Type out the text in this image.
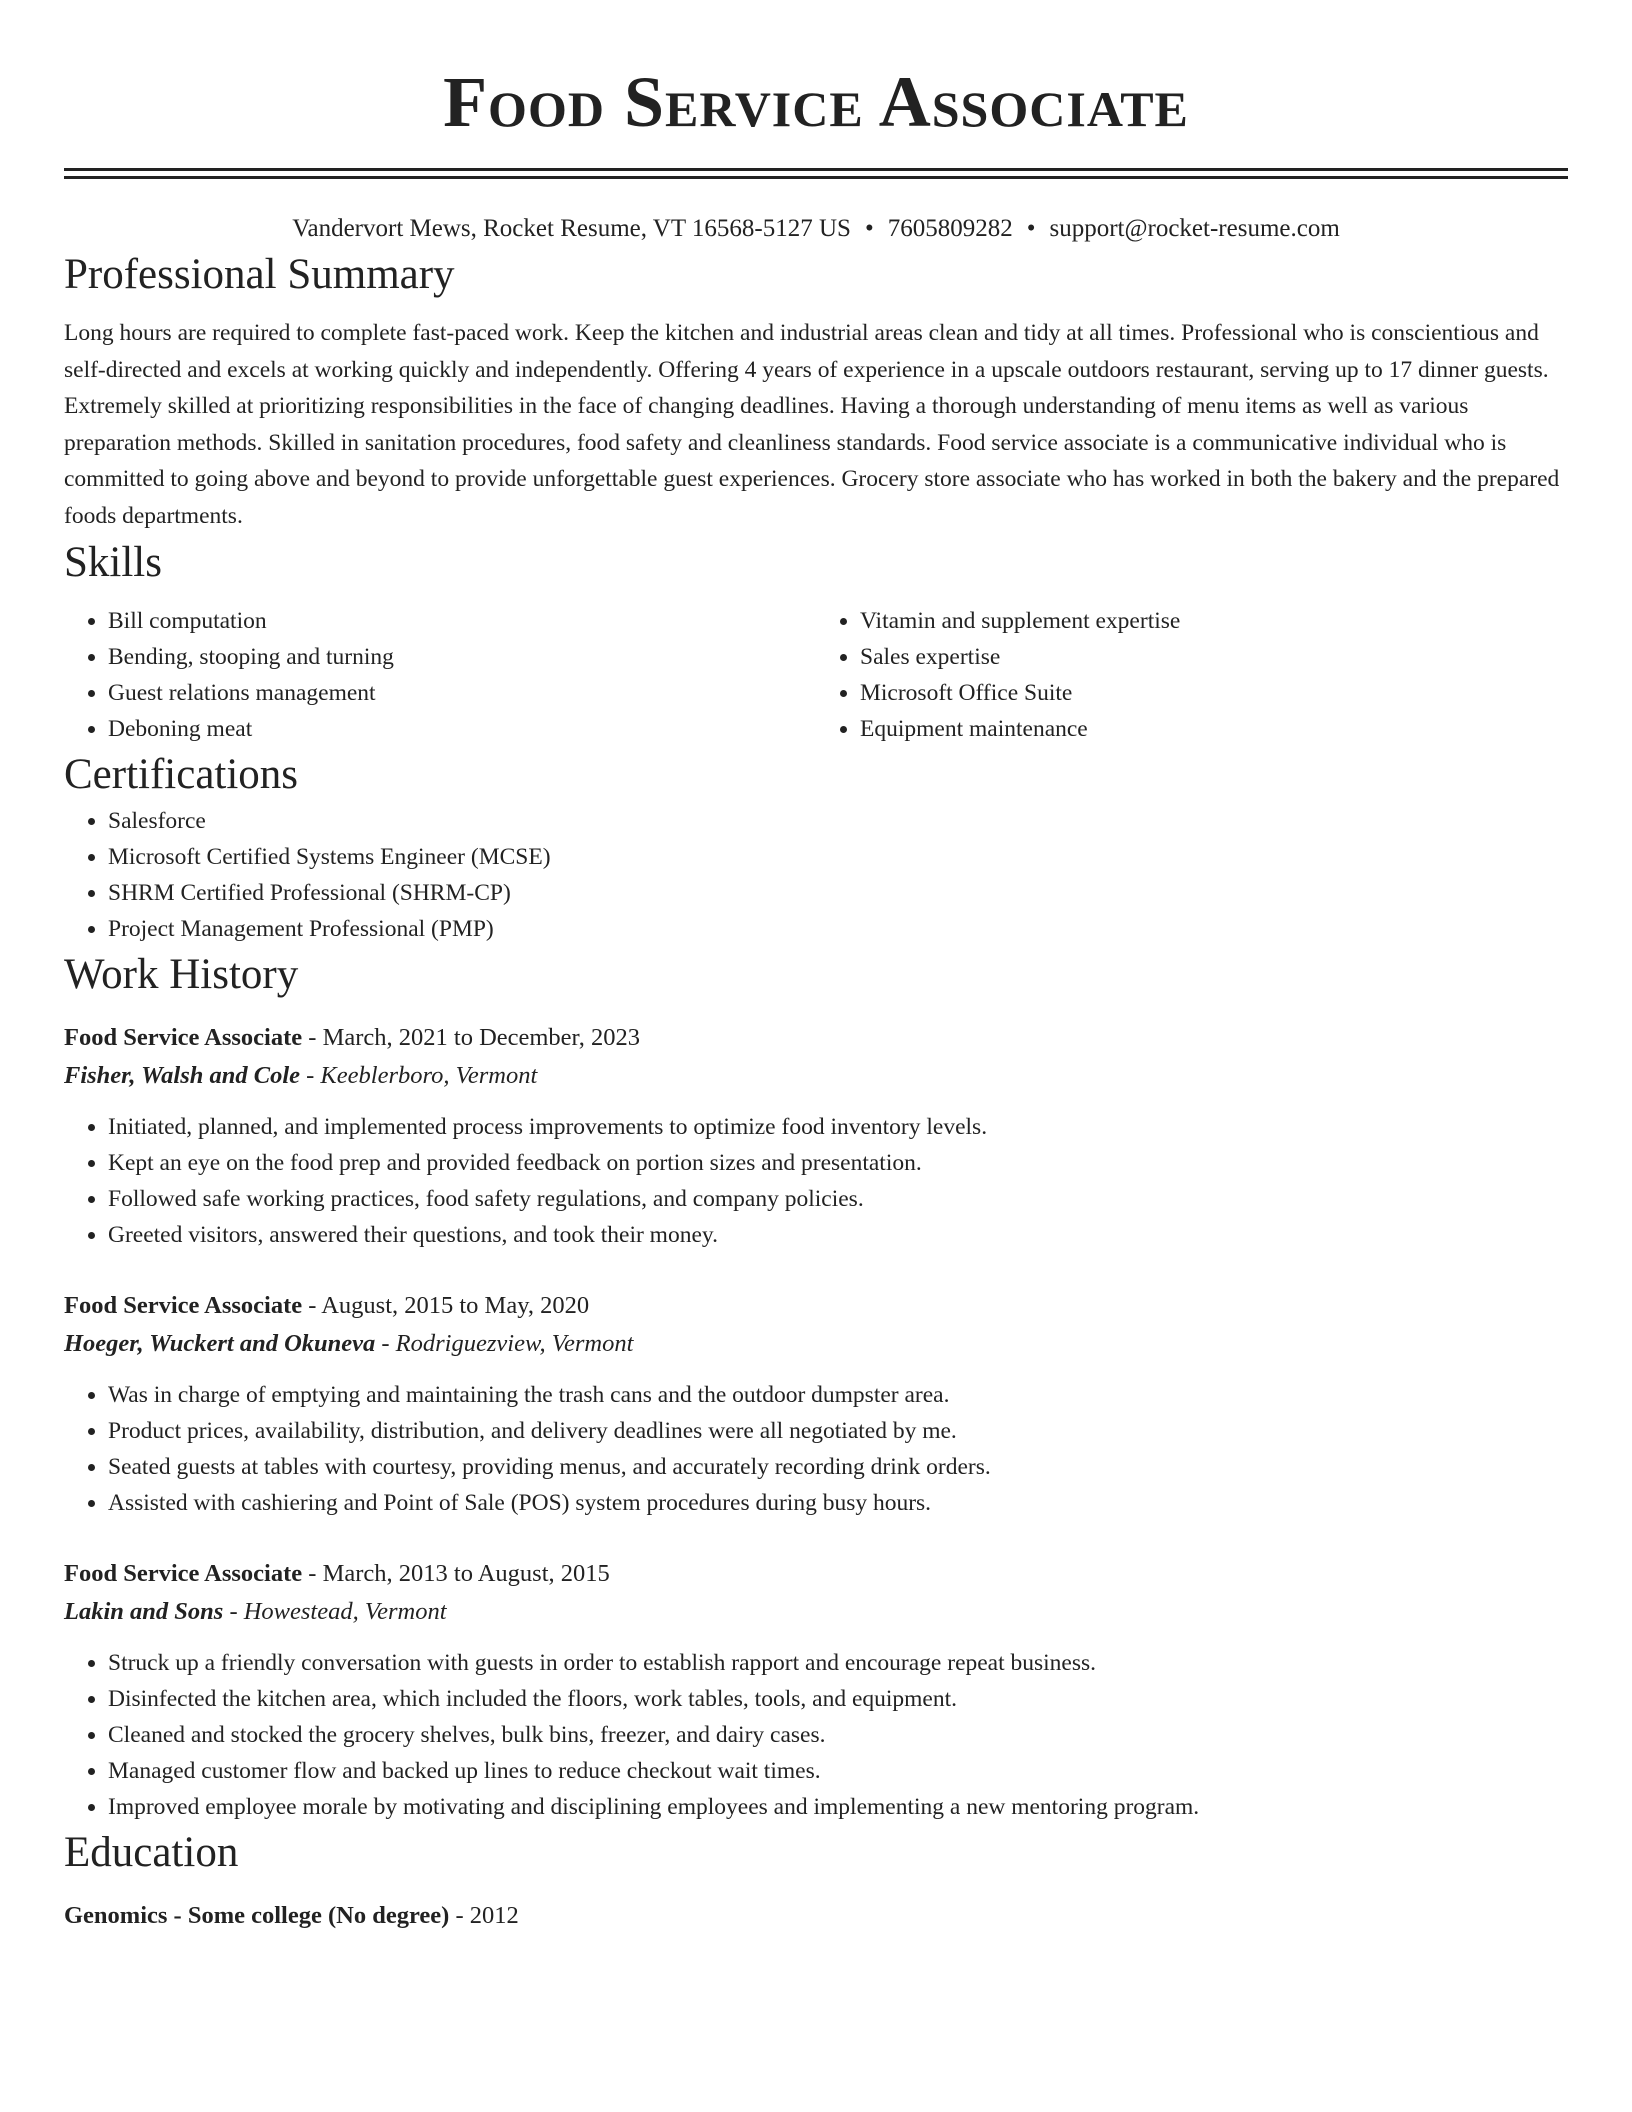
Food Service Associate
Vandervort Mews, Rocket Resume, VT 16568-5127 US • 7605809282 • support@rocket-resume.com
Professional Summary

Long hours are required to complete fast-paced work. Keep the kitchen and industrial areas clean and tidy at all times. Professional who is conscientious and self-directed and excels at working quickly and independently. Offering 4 years of experience in a upscale outdoors restaurant, serving up to 17 dinner guests. Extremely skilled at prioritizing responsibilities in the face of changing deadlines. Having a thorough understanding of menu items as well as various preparation methods. Skilled in sanitation procedures, food safety and cleanliness standards. Food service associate is a communicative individual who is committed to going above and beyond to provide unforgettable guest experiences. Grocery store associate who has worked in both the bakery and the prepared foods departments.

Skills
• Bill computation
• Bending, stooping and turning
• Guest relations management
• Deboning meat
• Vitamin and supplement expertise
• Sales expertise
• Microsoft Office Suite
• Equipment maintenance
Certifications
• Salesforce
• Microsoft Certified Systems Engineer (MCSE)
• SHRM Certified Professional (SHRM-CP)
• Project Management Professional (PMP)
Work History
Food Service Associate - March, 2021 to December, 2023
Fisher, Walsh and Cole - Keeblerboro, Vermont
• Initiated, planned, and implemented process improvements to optimize food inventory levels.
• Kept an eye on the food prep and provided feedback on portion sizes and presentation.
• Followed safe working practices, food safety regulations, and company policies.
• Greeted visitors, answered their questions, and took their money.
Food Service Associate - August, 2015 to May, 2020
Hoeger, Wuckert and Okuneva - Rodriguezview, Vermont
• Was in charge of emptying and maintaining the trash cans and the outdoor dumpster area.
• Product prices, availability, distribution, and delivery deadlines were all negotiated by me.
• Seated guests at tables with courtesy, providing menus, and accurately recording drink orders.
• Assisted with cashiering and Point of Sale (POS) system procedures during busy hours.
Food Service Associate - March, 2013 to August, 2015
Lakin and Sons - Howestead, Vermont
• Struck up a friendly conversation with guests in order to establish rapport and encourage repeat business.
• Disinfected the kitchen area, which included the floors, work tables, tools, and equipment.
• Cleaned and stocked the grocery shelves, bulk bins, freezer, and dairy cases.
• Managed customer flow and backed up lines to reduce checkout wait times.
• Improved employee morale by motivating and disciplining employees and implementing a new mentoring program.
Education
Genomics - Some college (No degree) - 2012
